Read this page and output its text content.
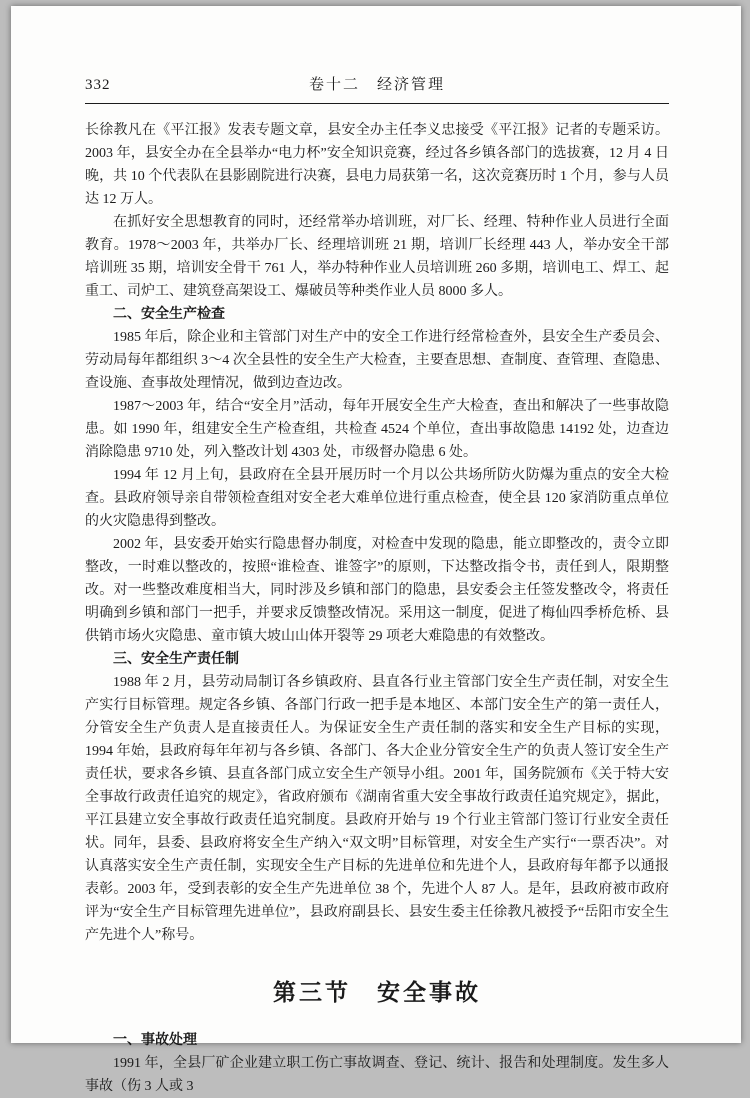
332	卷十二　经济管理

长徐教凡在《平江报》发表专题文章，县安全办主任李义忠接受《平江报》记者的专题采访。2003 年，县安全办在全县举办“电力杯”安全知识竞赛，经过各乡镇各部门的选拔赛，12 月 4 日晚，共 10 个代表队在县影剧院进行决赛，县电力局获第一名，这次竞赛历时 1 个月，参与人员达 12 万人。

在抓好安全思想教育的同时，还经常举办培训班，对厂长、经理、特种作业人员进行全面教育。1978～2003 年，共举办厂长、经理培训班 21 期，培训厂长经理 443 人，举办安全干部培训班 35 期，培训安全骨干 761 人，举办特种作业人员培训班 260 多期，培训电工、焊工、起重工、司炉工、建筑登高架设工、爆破员等种类作业人员 8000 多人。

二、安全生产检查

1985 年后，除企业和主管部门对生产中的安全工作进行经常检查外，县安全生产委员会、劳动局每年都组织 3～4 次全县性的安全生产大检查，主要查思想、查制度、查管理、查隐患、查设施、查事故处理情况，做到边查边改。

1987～2003 年，结合“安全月”活动，每年开展安全生产大检查，查出和解决了一些事故隐患。如 1990 年，组建安全生产检查组，共检查 4524 个单位，查出事故隐患 14192 处，边查边消除隐患 9710 处，列入整改计划 4303 处，市级督办隐患 6 处。

1994 年 12 月上旬，县政府在全县开展历时一个月以公共场所防火防爆为重点的安全大检查。县政府领导亲自带领检查组对安全老大难单位进行重点检查，使全县 120 家消防重点单位的火灾隐患得到整改。

2002 年，县安委开始实行隐患督办制度，对检查中发现的隐患，能立即整改的，责令立即整改，一时难以整改的，按照“谁检查、谁签字”的原则，下达整改指令书，责任到人，限期整改。对一些整改难度相当大，同时涉及乡镇和部门的隐患，县安委会主任签发整改令，将责任明确到乡镇和部门一把手，并要求反馈整改情况。采用这一制度，促进了梅仙四季桥危桥、县供销市场火灾隐患、童市镇大坡山山体开裂等 29 项老大难隐患的有效整改。

三、安全生产责任制

1988 年 2 月，县劳动局制订各乡镇政府、县直各行业主管部门安全生产责任制，对安全生产实行目标管理。规定各乡镇、各部门行政一把手是本地区、本部门安全生产的第一责任人，分管安全生产负责人是直接责任人。为保证安全生产责任制的落实和安全生产目标的实现，1994 年始，县政府每年年初与各乡镇、各部门、各大企业分管安全生产的负责人签订安全生产责任状，要求各乡镇、县直各部门成立安全生产领导小组。2001 年，国务院颁布《关于特大安全事故行政责任追究的规定》，省政府颁布《湖南省重大安全事故行政责任追究规定》，据此，平江县建立安全事故行政责任追究制度。县政府开始与 19 个行业主管部门签订行业安全责任状。同年，县委、县政府将安全生产纳入“双文明”目标管理，对安全生产实行“一票否决”。对认真落实安全生产责任制，实现安全生产目标的先进单位和先进个人，县政府每年都予以通报表彰。2003 年，受到表彰的安全生产先进单位 38 个，先进个人 87 人。是年，县政府被市政府评为“安全生产目标管理先进单位”，县政府副县长、县安生委主任徐教凡被授予“岳阳市安全生产先进个人”称号。

第三节　安全事故
一、事故处理

1991 年，全县厂矿企业建立职工伤亡事故调查、登记、统计、报告和处理制度。发生多人事故（伤 3 人或 3
